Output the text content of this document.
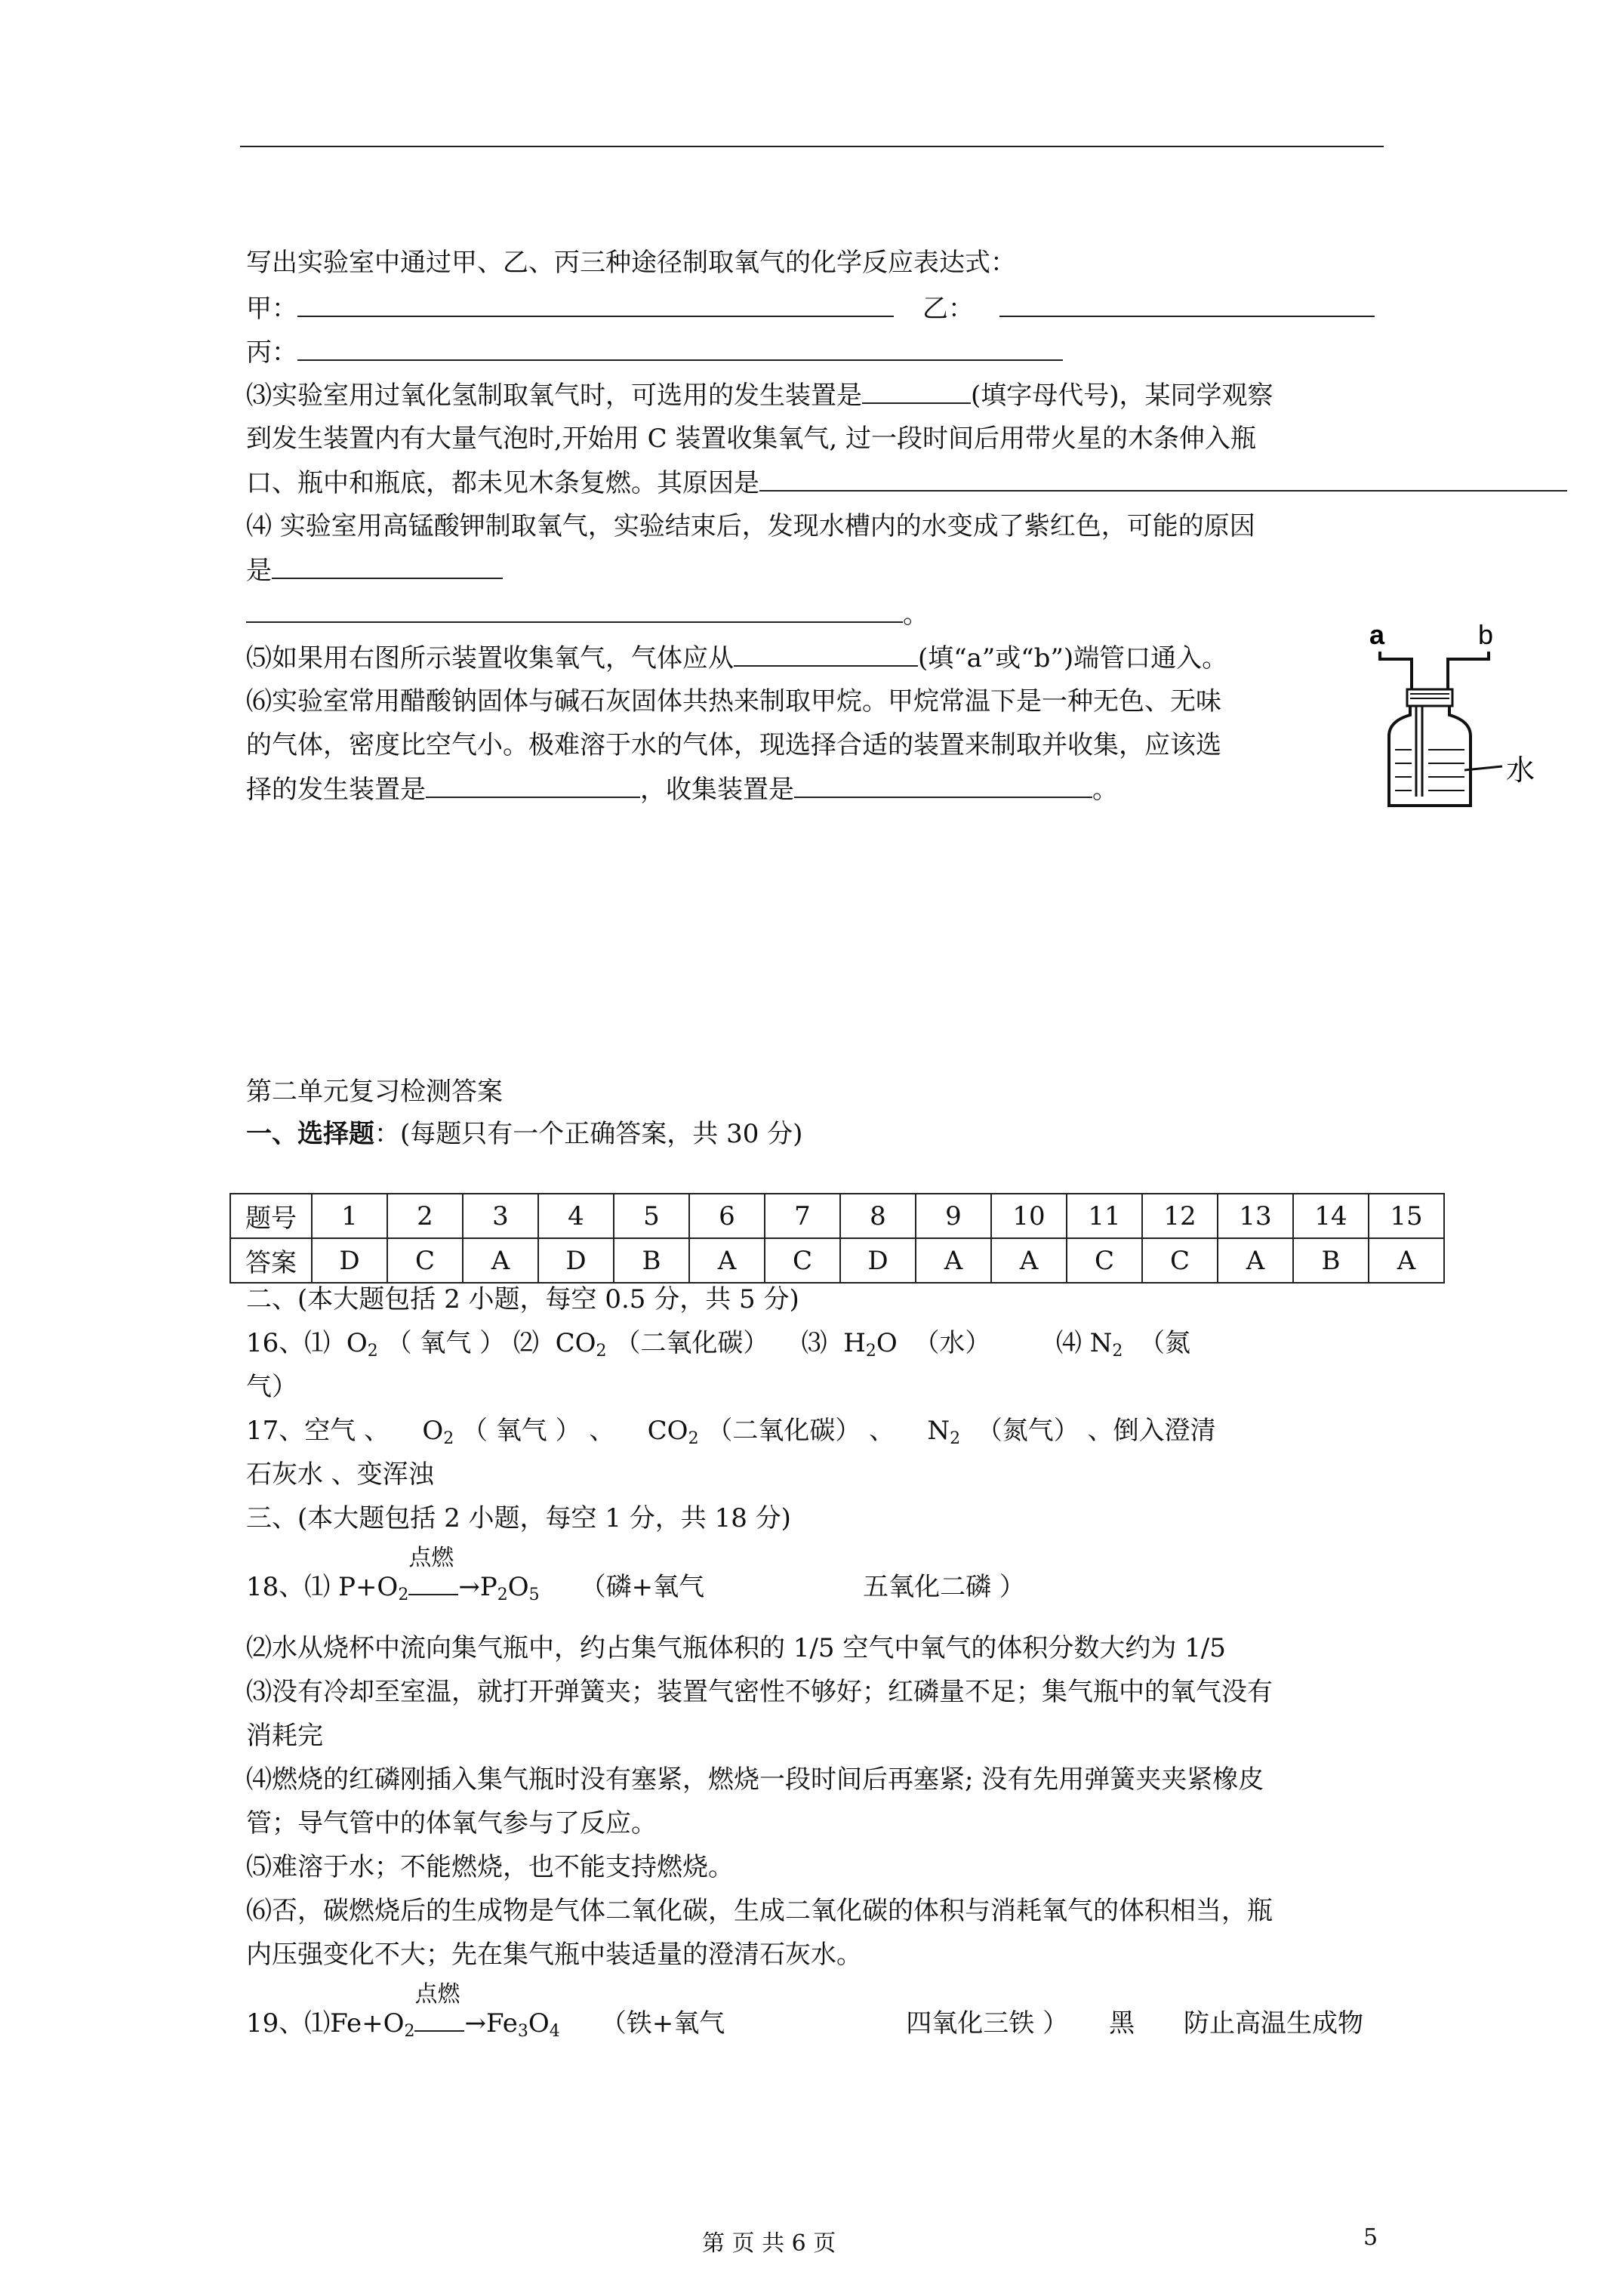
写出实验室中通过甲、乙、丙三种途径制取氧气的化学反应表达式：
甲：	乙：
丙：
⑶实验室用过氧化氢制取氧气时，可选用的发生装置是	(填字母代号)，某同学观察
到发生装置内有大量气泡时,开始用 C 装置收集氧气, 过一段时间后用带火星的木条伸入瓶
口、瓶中和瓶底，都未见木条复燃。其原因是
⑷ 实验室用高锰酸钾制取氧气，实验结束后，发现水槽内的水变成了紫红色，可能的原因
是
。
⑸如果用右图所示装置收集氧气，气体应从	(填“a”或“b”)端管口通入。
⑹实验室常用醋酸钠固体与碱石灰固体共热来制取甲烷。甲烷常温下是一种无色、无味
的气体，密度比空气小。极难溶于水的气体，现选择合适的装置来制取并收集，应该选
择的发生装置是	，收集装置是	。
a	b
水
第二单元复习检测答案
一、选择题：(每题只有一个正确答案，共 30 分)
题号	1	2	3	4	5	6	7	8	9	10	11	12	13	14	15
答案	D	C	A	D	B	A	C	D	A	A	C	C	A	B	A
二、(本大题包括 2 小题，每空 0.5 分，共 5 分)
16、⑴ $O_2$ （ 氧气 ） ⑵ $CO_2$ （二氧化碳） ⑶ $H_2O$ （水）	⑷ $N_2$ （氮
气）
17、空气 、 $O_2$ （ 氧气 ） 、 $CO_2$ （二氧化碳） 、 $N_2$ （氮气） 、倒入澄清
石灰水 、变浑浊
三、(本大题包括 2 小题，每空 1 分，共 18 分)
18、⑴ $P+O_2$
点燃
$\to P_2O_5$ （磷+氧气	五氧化二磷 ）
⑵水从烧杯中流向集气瓶中，约占集气瓶体积的 1/5 空气中氧气的体积分数大约为 1/5
⑶没有冷却至室温，就打开弹簧夹；装置气密性不够好；红磷量不足；集气瓶中的氧气没有
消耗完
⑷燃烧的红磷刚插入集气瓶时没有塞紧，燃烧一段时间后再塞紧; 没有先用弹簧夹夹紧橡皮
管；导气管中的体氧气参与了反应。
⑸难溶于水；不能燃烧，也不能支持燃烧。
⑹否，碳燃烧后的生成物是气体二氧化碳，生成二氧化碳的体积与消耗氧气的体积相当，瓶
内压强变化不大；先在集气瓶中装适量的澄清石灰水。
19、$⑴Fe+O_2$
点燃
$\to Fe_3O_4$ （铁+氧气	四氧化三铁 ） 黑 防止高温生成物
第 页 共 6 页	5
